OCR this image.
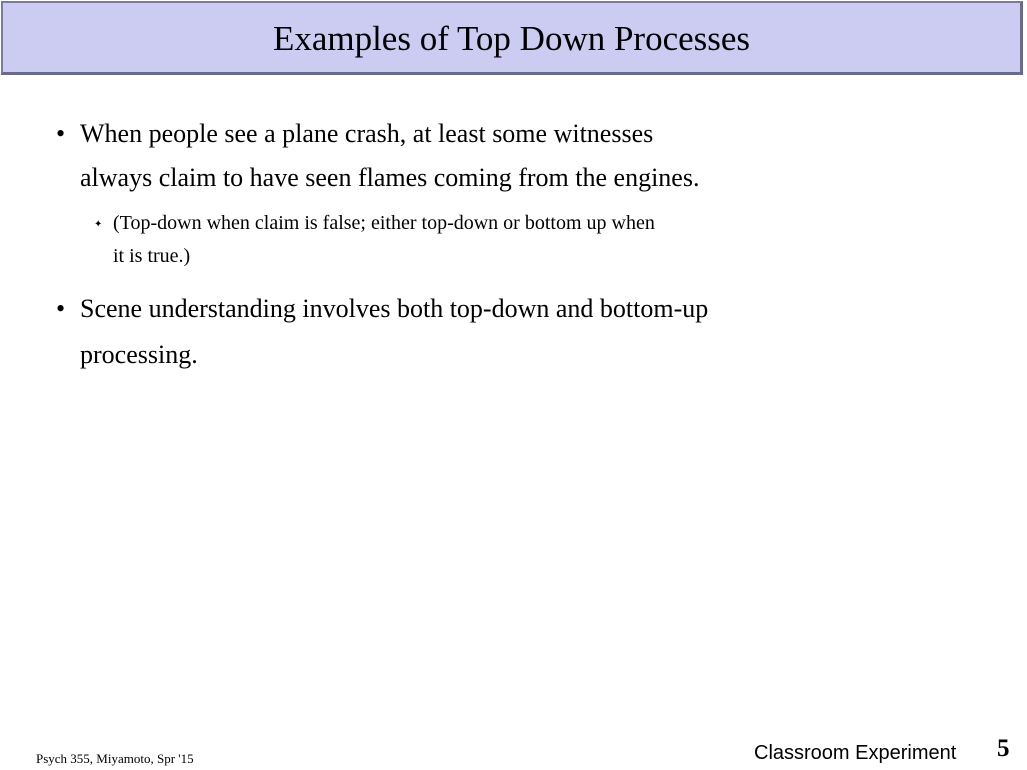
Examples of Top Down Processes
• When people see a plane crash, at least some witnesses
always claim to have seen flames coming from the engines.
✦ (Top-down when claim is false; either top-down or bottom up when
it is true.)
• Scene understanding involves both top-down and bottom-up
processing.
Psych 355, Miyamoto, Spr '15	Classroom Experiment 5
